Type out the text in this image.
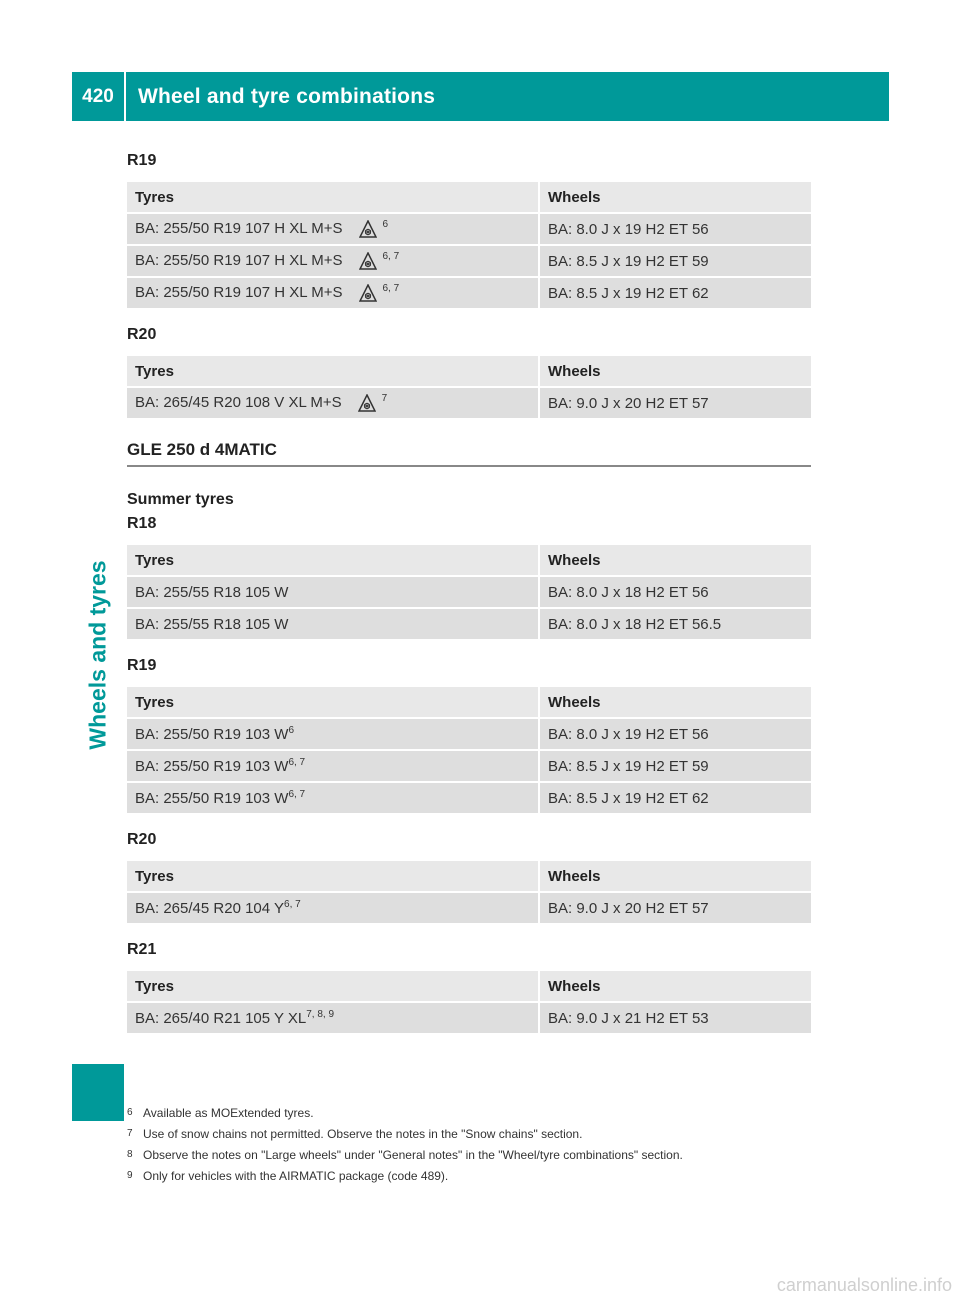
420	Wheel and tyre combinations
Wheels and tyres
R19
Tyres	Wheels
BA: 255/50 R19 107 H XL M+S $^6$	BA: 8.0 J x 19 H2 ET 56
BA: 255/50 R19 107 H XL M+S $^{6, 7}$	BA: 8.5 J x 19 H2 ET 59
BA: 255/50 R19 107 H XL M+S $^{6, 7}$	BA: 8.5 J x 19 H2 ET 62
R20
Tyres	Wheels
BA: 265/45 R20 108 V XL M+S $^7$	BA: 9.0 J x 20 H2 ET 57
GLE 250 d 4MATIC
Summer tyres
R18
Tyres	Wheels
BA: 255/55 R18 105 W	BA: 8.0 J x 18 H2 ET 56
BA: 255/55 R18 105 W	BA: 8.0 J x 18 H2 ET 56.5
R19
Tyres	Wheels
BA: 255/50 R19 103 $W^6$	BA: 8.0 J x 19 H2 ET 56
BA: 255/50 R19 103 W$^{6, 7}$	BA: 8.5 J x 19 H2 ET 59
BA: 255/50 R19 103 W$^{6, 7}$	BA: 8.5 J x 19 H2 ET 62
R20
Tyres	Wheels
BA: 265/45 R20 104 Y$^{6, 7}$	BA: 9.0 J x 20 H2 ET 57
R21
Tyres	Wheels
BA: 265/40 R21 105 Y XL$^{7, 8, 9}$	BA: 9.0 J x 21 H2 ET 53
6 Available as MOExtended tyres.
7 Use of snow chains not permitted. Observe the notes in the "Snow chains" section.
8 Observe the notes on "Large wheels" under "General notes" in the "Wheel/tyre combinations" section.
9 Only for vehicles with the AIRMATIC package (code 489).
carmanualsonline.info
